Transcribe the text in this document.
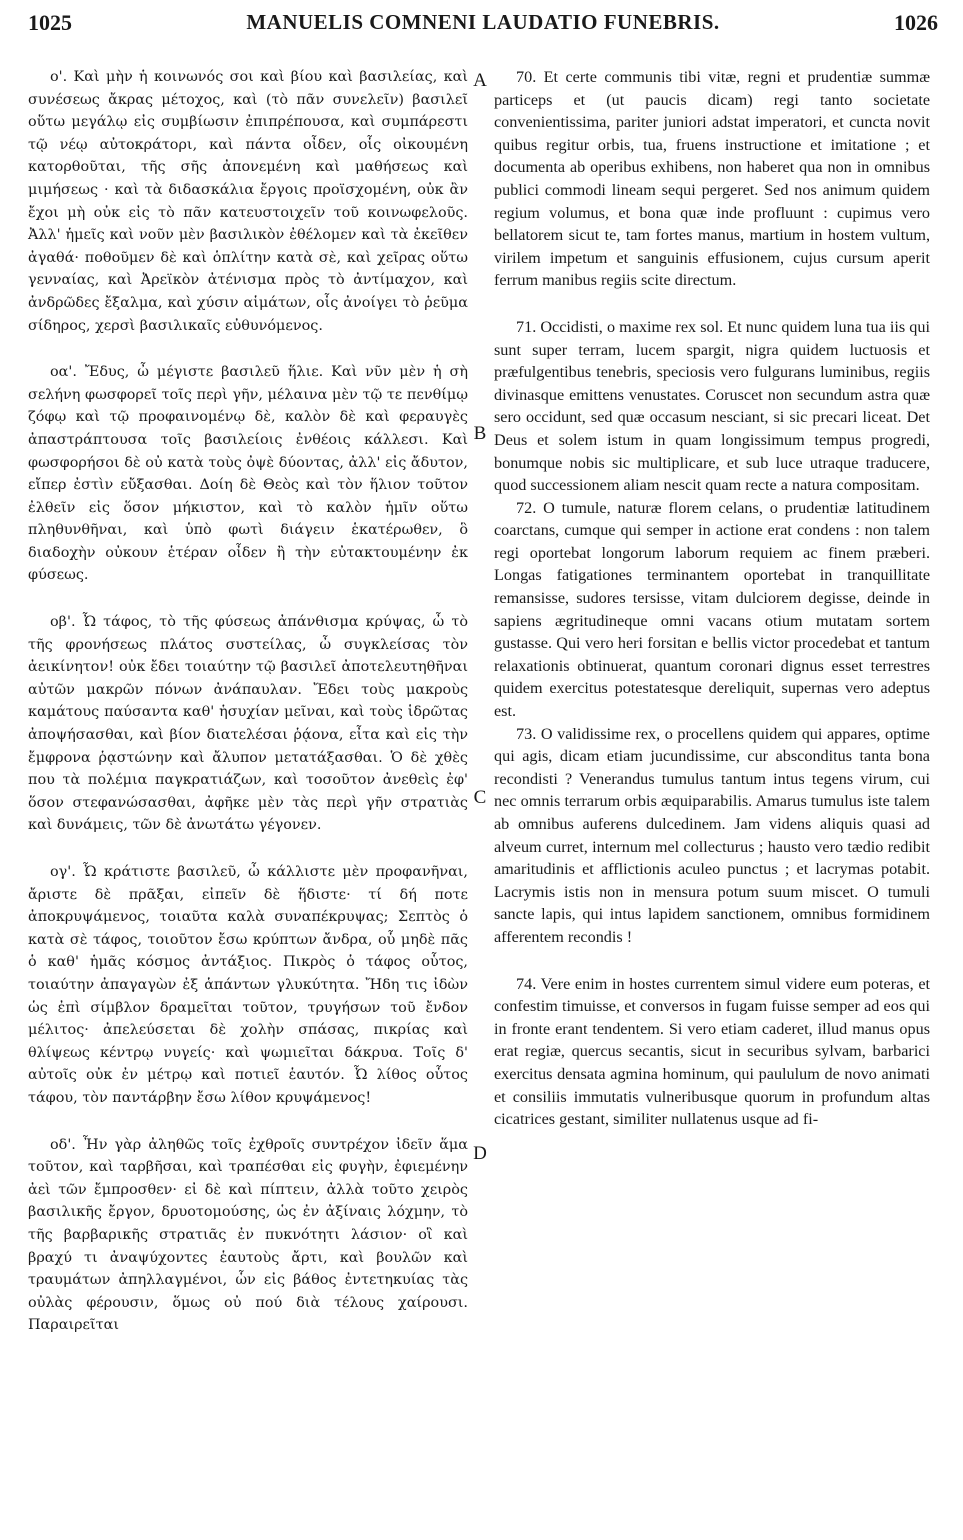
1025	MANUELIS COMNENI LAUDATIO FUNEBRIS.	1026

ο'. Καὶ μὴν ἡ κοινωνός σοι καὶ βίου καὶ βασιλείας, καὶ συνέσεως ἄκρας μέτοχος, καὶ (τὸ πᾶν συνελεῖν) βασιλεῖ οὕτω μεγάλῳ εἰς συμβίωσιν ἐπιπρέπουσα, καὶ συμπάρεστι τῷ νέῳ αὐτοκράτορι, καὶ πάντα οἶδεν, οἷς οἰκουμένη κατορθοῦται, τῆς σῆς ἀπονεμένη καὶ μαθήσεως καὶ μιμήσεως · καὶ τὰ διδασκάλια ἔργοις προϊσχομένη, οὐκ ἂν ἔχοι μὴ οὐκ εἰς τὸ πᾶν κατευστοιχεῖν τοῦ κοινωφελοῦς. Ἀλλ' ἡμεῖς καὶ νοῦν μὲν βασιλικὸν ἐθέλομεν καὶ τὰ ἐκεῖθεν ἀγαθά· ποθοῦμεν δὲ καὶ ὁπλίτην κατὰ σὲ, καὶ χεῖρας οὕτω γενναίας, καὶ Ἀρεϊκὸν ἀτένισμα πρὸς τὸ ἀντίμαχον, καὶ ἀνδρῶδες ἔξαλμα, καὶ χύσιν αἱμάτων, οἷς ἀνοίγει τὸ ῥεῦμα σίδηρος, χερσὶ βασιλικαῖς εὐθυνόμενος.

οα'. Ἔδυς, ὦ μέγιστε βασιλεῦ ἥλιε. Καὶ νῦν μὲν ἡ σὴ σελήνη φωσφορεῖ τοῖς περὶ γῆν, μέλαινα μὲν τῷ τε πενθίμῳ ζόφῳ καὶ τῷ προφαινομένῳ δὲ, καλὸν δὲ καὶ φεραυγὲς ἀπαστράπτουσα τοῖς βασιλείοις ἐνθέοις κάλλεσι. Καὶ φωσφορήσοι δὲ οὐ κατὰ τοὺς ὀψὲ δύοντας, ἀλλ' εἰς ἄδυτον, εἴπερ ἐστὶν εὔξασθαι. Δοίη δὲ Θεὸς καὶ τὸν ἥλιον τοῦτον ἐλθεῖν εἰς ὅσον μήκιστον, καὶ τὸ καλὸν ἡμῖν οὕτω πληθυνθῆναι, καὶ ὑπὸ φωτὶ διάγειν ἑκατέρωθεν, ὃ διαδοχὴν οὐκουν ἑτέραν οἶδεν ἢ τὴν εὐτακτουμένην ἐκ φύσεως.

οβ'. Ὦ τάφος, τὸ τῆς φύσεως ἀπάνθισμα κρύψας, ὦ τὸ τῆς φρονήσεως πλάτος συστείλας, ὦ συγκλείσας τὸν ἀεικίνητον! οὐκ ἔδει τοιαύτην τῷ βασιλεῖ ἀποτελευτηθῆναι αὐτῶν μακρῶν πόνων ἀνάπαυλαν. Ἔδει τοὺς μακροὺς καμάτους παύσαντα καθ' ἡσυχίαν μεῖναι, καὶ τοὺς ἱδρῶτας ἀποψήσασθαι, καὶ βίον διατελέσαι ῥᾴονα, εἶτα καὶ εἰς τὴν ἔμφρονα ῥᾳστώνην καὶ ἄλυπον μετατάξασθαι. Ὁ δὲ χθὲς που τὰ πολέμια παγκρατιάζων, καὶ τοσοῦτον ἀνεθεὶς ἐφ' ὅσον στεφανώσασθαι, ἀφῆκε μὲν τὰς περὶ γῆν στρατιὰς καὶ δυνάμεις, τῶν δὲ ἀνωτάτω γέγονεν.

ογ'. Ὦ κράτιστε βασιλεῦ, ὦ κάλλιστε μὲν προφανῆναι, ἄριστε δὲ πρᾶξαι, εἰπεῖν δὲ ἥδιστε· τί δή ποτε ἀποκρυψάμενος, τοιαῦτα καλὰ συναπέκρυψας; Σεπτὸς ὁ κατὰ σὲ τάφος, τοιοῦτον ἔσω κρύπτων ἄνδρα, οὗ μηδὲ πᾶς ὁ καθ' ἡμᾶς κόσμος ἀντάξιος. Πικρὸς ὁ τάφος οὗτος, τοιαύτην ἀπαγαγὼν ἐξ ἁπάντων γλυκύτητα. Ἤδη τις ἰδὼν ὡς ἐπὶ σίμβλον δραμεῖται τοῦτον, τρυγήσων τοῦ ἔνδον μέλιτος· ἀπελεύσεται δὲ χολὴν σπάσας, πικρίας καὶ θλίψεως κέντρῳ νυγείς· καὶ ψωμιεῖται δάκρυα. Τοῖς δ' αὐτοῖς οὐκ ἐν μέτρῳ καὶ ποτιεῖ ἑαυτόν. Ὦ λίθος οὗτος τάφου, τὸν παντάρβην ἔσω λίθον κρυψάμενος!

οδ'. Ἦν γὰρ ἀληθῶς τοῖς ἐχθροῖς συντρέχον ἰδεῖν ἅμα τοῦτον, καὶ ταρβῆσαι, καὶ τραπέσθαι εἰς φυγὴν, ἐφιεμένην ἀεὶ τῶν ἔμπροσθεν· εἰ δὲ καὶ πίπτειν, ἀλλὰ τοῦτο χειρὸς βασιλικῆς ἔργον, δρυοτομούσης, ὡς ἐν ἀξίναις λόχμην, τὸ τῆς βαρβαρικῆς στρατιᾶς ἐν πυκνότητι λάσιον· οἳ καὶ βραχύ τι ἀναψύχοντες ἑαυτοὺς ἄρτι, καὶ βουλῶν καὶ τραυμάτων ἀπηλλαγμένοι, ὧν εἰς βάθος ἐντετηκυίας τὰς οὐλὰς φέρουσιν, ὅμως οὐ πού διὰ τέλους χαίρουσι. Παραιρεῖται

A
B
C
D

70. Et certe communis tibi vitæ, regni et prudentiæ summæ particeps et (ut paucis dicam) regi tanto societate convenientissima, pariter juniori adstat imperatori, et cuncta novit quibus regitur orbis, tua, fruens instructione et imitatione ; et documenta ab operibus exhibens, non haberet qua non in omnibus publici commodi lineam sequi pergeret. Sed nos animum quidem regium volumus, et bona quæ inde profluunt : cupimus vero bellatorem sicut te, tam fortes manus, martium in hostem vultum, virilem impetum et sanguinis effusionem, cujus cursum aperit ferrum manibus regiis scite directum.

71. Occidisti, o maxime rex sol. Et nunc quidem luna tua iis qui sunt super terram, lucem spargit, nigra quidem luctuosis et præfulgentibus tenebris, speciosis vero fulgurans luminibus, regiis divinasque emittens venustates. Coruscet non secundum astra quæ sero occidunt, sed quæ occasum nesciant, si sic precari liceat. Det Deus et solem istum in quam longissimum tempus progredi, bonumque nobis sic multiplicare, et sub luce utraque traducere, quod successionem aliam nescit quam recte a natura compositam.

72. O tumule, naturæ florem celans, o prudentiæ latitudinem coarctans, cumque qui semper in actione erat condens : non talem regi oportebat longorum laborum requiem ac finem præberi. Longas fatigationes terminantem oportebat in tranquillitate remansisse, sudores tersisse, vitam dulciorem degisse, deinde in sapiens ægritudineque omni vacans otium mutatam sortem gustasse. Qui vero heri forsitan e bellis victor procedebat et tantum relaxationis obtinuerat, quantum coronari dignus esset terrestres quidem exercitus potestatesque dereliquit, supernas vero adeptus est.

73. O validissime rex, o procellens quidem qui appares, optime qui agis, dicam etiam jucundissime, cur absconditus tanta bona recondisti ? Venerandus tumulus tantum intus tegens virum, cui nec omnis terrarum orbis æquiparabilis. Amarus tumulus iste talem ab omnibus auferens dulcedinem. Jam videns aliquis quasi ad alveum curret, internum mel collecturus ; hausto vero tædio redibit amaritudinis et afflictionis aculeo punctus ; et lacrymas potabit. Lacrymis istis non in mensura potum suum miscet. O tumuli sancte lapis, qui intus lapidem sanctionem, omnibus formidinem afferentem recondis !

74. Vere enim in hostes currentem simul videre eum poteras, et confestim timuisse, et conversos in fugam fuisse semper ad eos qui in fronte erant tendentem. Si vero etiam caderet, illud manus opus erat regiæ, quercus secantis, sicut in securibus sylvam, barbarici exercitus densata agmina hominum, qui paululum de novo animati et consiliis immutatis vulneribusque quorum in profundum altas cicatrices gestant, similiter nullatenus usque ad fi-
